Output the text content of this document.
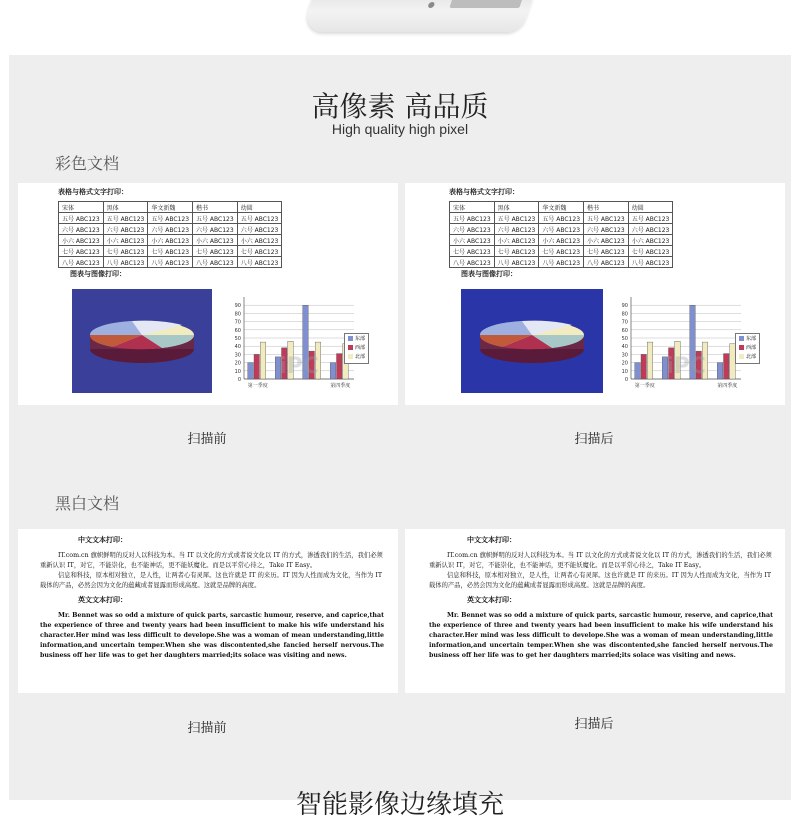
高像素 高品质
High quality high pixel
彩色文档
表格与格式文字打印：
宋体	黑体	华文新魏	楷书	幼圆
五号 ABC123	五号 ABC123	五号 ABC123	五号 ABC123	五号 ABC123
六号 ABC123	六号 ABC123	六号 ABC123	六号 ABC123	六号 ABC123
小六 ABC123	小六 ABC123	小六 ABC123	小六 ABC123	小六 ABC123
七号 ABC123	七号 ABC123	七号 ABC123	七号 ABC123	七号 ABC123
八号 ABC123	八号 ABC123	八号 ABC123	八号 ABC123	八号 ABC123
图表与图像打印：
0
10
20
30
40
50
60
70
80
90
第一季度	第四季度
iPC
东部
西部
北部
扫描前
表格与格式文字打印：
宋体	黑体	华文新魏	楷书	幼圆
五号 ABC123	五号 ABC123	五号 ABC123	五号 ABC123	五号 ABC123
六号 ABC123	六号 ABC123	六号 ABC123	六号 ABC123	六号 ABC123
小六 ABC123	小六 ABC123	小六 ABC123	小六 ABC123	小六 ABC123
七号 ABC123	七号 ABC123	七号 ABC123	七号 ABC123	七号 ABC123
八号 ABC123	八号 ABC123	八号 ABC123	八号 ABC123	八号 ABC123
图表与图像打印：
0
10
20
30
40
50
60
70
80
90
第一季度	第四季度
iPC
东部
西部
北部
扫描后
黑白文档
中文文本打印：

IT.com.cn 旗帜鲜明的反对人以科技为本。当 IT 以文化的方式或者说文化以 IT 的方式，渗透我们的生活，我们必须重新认识 IT，对它，不能崇化，也不能神话，更不能妖魔化。而是以平常心待之，Take IT Easy。

信息和科技，原本相对独立，是人性，让两者心有灵犀。这也许就是 IT 的来历。IT 因为人性而成为文化，当作为 IT 载体的产品，必然会因为文化的蕴藏成者显露而形成高度。这就是品牌的高度。

英文文本打印：

Mr. Bennet was so odd a mixture of quick parts, sarcastic humour, reserve, and caprice,that the experience of three and twenty years had been insufficient to make his wife understand his character.Her mind was less difficult to develope.She was a woman of mean understanding,little information,and uncertain temper.When she was discontented,she fancied herself nervous.The business off her life was to get her daughters married;its solace was visiting and news.

扫描前
中文文本打印：

IT.com.cn 旗帜鲜明的反对人以科技为本。当 IT 以文化的方式或者说文化以 IT 的方式，渗透我们的生活，我们必须重新认识 IT，对它，不能崇化，也不能神话，更不能妖魔化。而是以平常心待之，Take IT Easy。

信息和科技，原本相对独立，是人性，让两者心有灵犀。这也许就是 IT 的来历。IT 因为人性而成为文化，当作为 IT 载体的产品，必然会因为文化的蕴藏成者显露而形成高度。这就是品牌的高度。

英文文本打印：

Mr. Bennet was so odd a mixture of quick parts, sarcastic humour, reserve, and caprice,that the experience of three and twenty years had been insufficient to make his wife understand his character.Her mind was less difficult to develope.She was a woman of mean understanding,little information,and uncertain temper.When she was discontented,she fancied herself nervous.The business off her life was to get her daughters married;its solace was visiting and news.

扫描后
智能影像边缘填充
